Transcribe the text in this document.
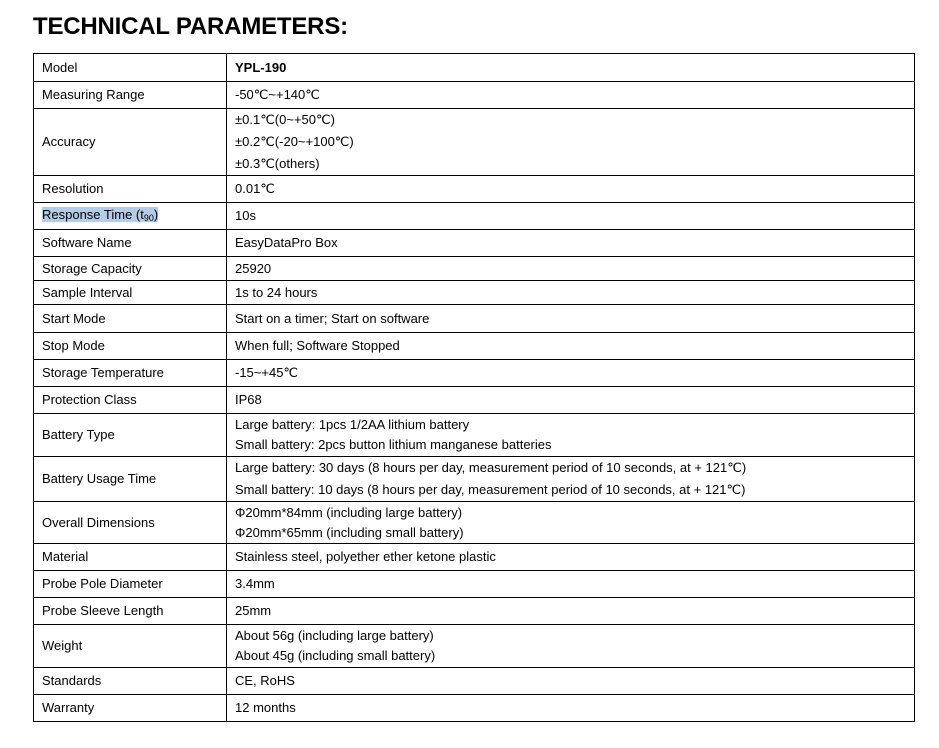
TECHNICAL PARAMETERS:
Model	YPL-190

Measuring Range	-50℃~+140℃

Accuracy	±0.1℃(0~+50℃)
±0.2℃(-20~+100℃)
±0.3℃(others)

Resolution	0.01℃

Response Time $(t_{90})$	10s

Software Name	EasyDataPro Box

Storage Capacity	25920

Sample Interval	1s to 24 hours

Start Mode	Start on a timer; Start on software

Stop Mode	When full; Software Stopped

Storage Temperature	-15~+45℃

Protection Class	IP68

Battery Type	Large battery: 1pcs 1/2AA lithium battery
Small battery: 2pcs button lithium manganese batteries

Battery Usage Time	Large battery: 30 days (8 hours per day, measurement period of 10 seconds, at + 121℃)
Small battery: 10 days (8 hours per day, measurement period of 10 seconds, at + 121℃)

Overall Dimensions	Φ20mm*84mm (including large battery)
Φ20mm*65mm (including small battery)

Material	Stainless steel, polyether ether ketone plastic

Probe Pole Diameter	3.4mm

Probe Sleeve Length	25mm

Weight	About 56g (including large battery)
About 45g (including small battery)

Standards	CE, RoHS

Warranty	12 months
